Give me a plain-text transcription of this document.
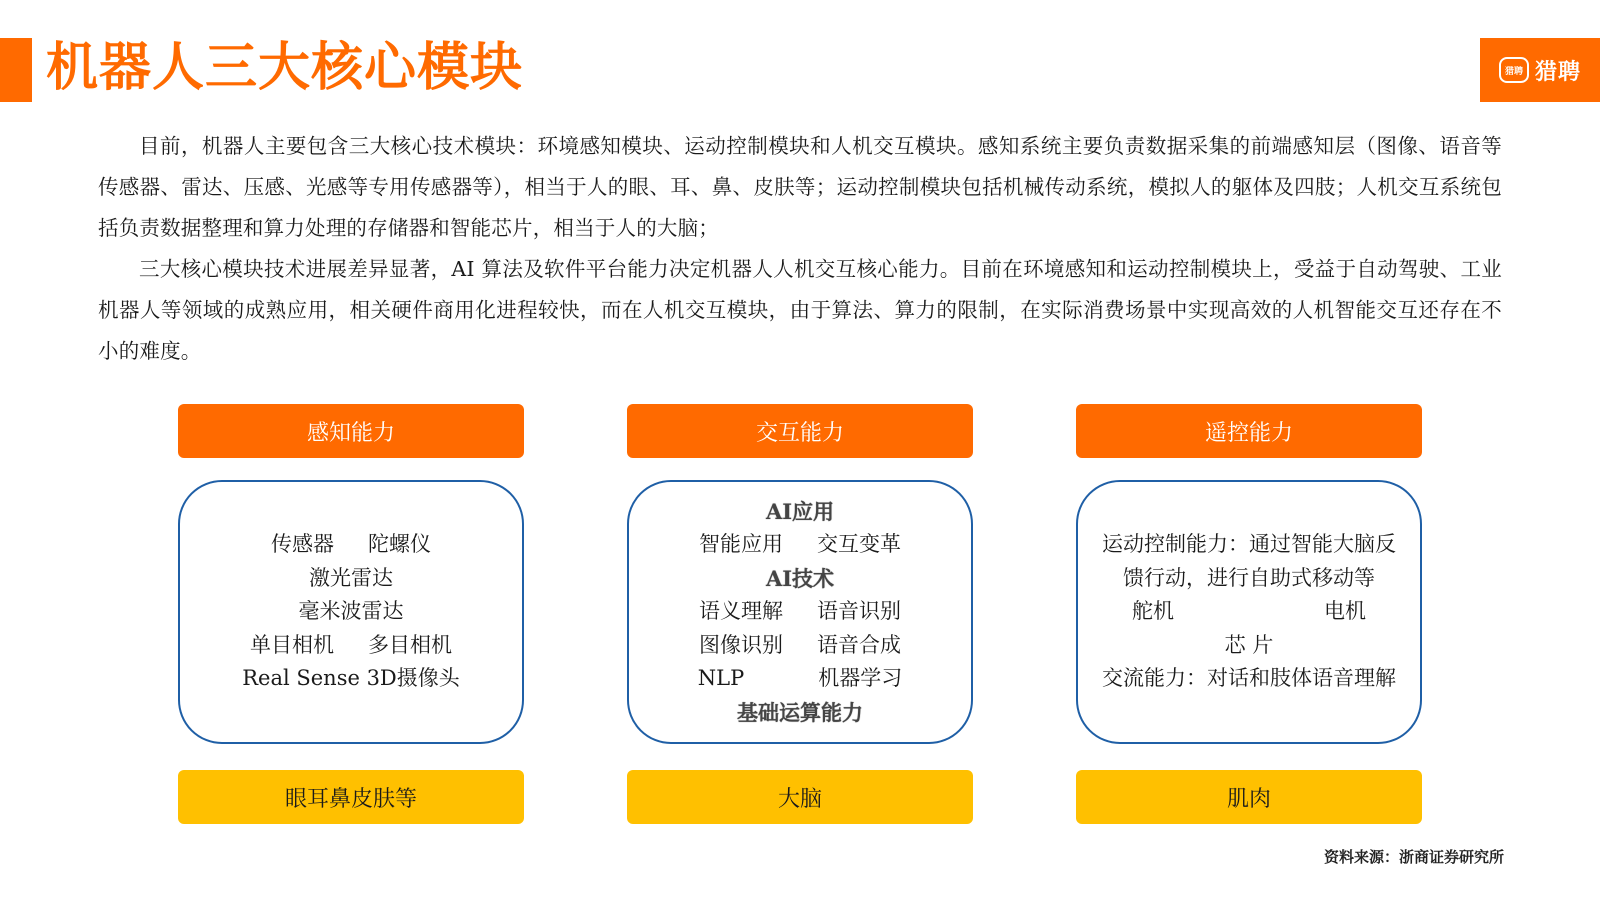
机器人三大核心模块	猎聘 猎聘

目前，机器人主要包含三大核心技术模块：环境感知模块、运动控制模块和人机交互模块。感知系统主要负责数据采集的前端感知层（图像、语音等传感器、雷达、压感、光感等专用传感器等），相当于人的眼、耳、鼻、皮肤等；运动控制模块包括机械传动系统，模拟人的躯体及四肢；人机交互系统包括负责数据整理和算力处理的存储器和智能芯片，相当于人的大脑；

三大核心模块技术进展差异显著，AI 算法及软件平台能力决定机器人人机交互核心能力。目前在环境感知和运动控制模块上，受益于自动驾驶、工业机器人等领域的成熟应用，相关硬件商用化进程较快，而在人机交互模块，由于算法、算力的限制，在实际消费场景中实现高效的人机智能交互还存在不小的难度。

感知能力
传感器 陀螺仪
激光雷达
毫米波雷达
单目相机 多目相机
Real Sense 3D摄像头
眼耳鼻皮肤等
交互能力
AI应用
智能应用 交互变革
AI技术
语义理解 语音识别
图像识别 语音合成
NLP	机器学习
基础运算能力
大脑
遥控能力
运动控制能力：通过智能大脑反馈行动，进行自助式移动等
舵机	电机
芯 片
交流能力：对话和肢体语音理解
肌肉
资料来源：浙商证券研究所
